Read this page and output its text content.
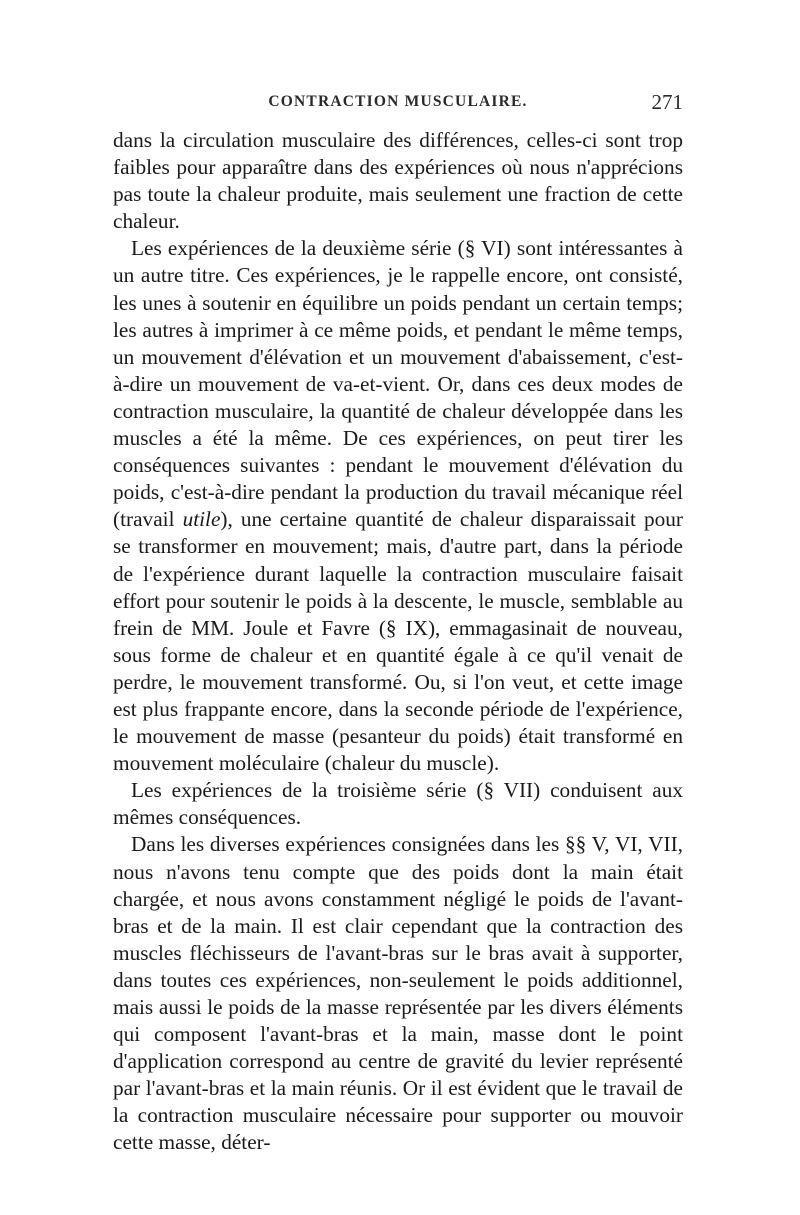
CONTRACTION MUSCULAIRE.	271

dans la circulation musculaire des différences, celles-ci sont trop faibles pour apparaître dans des expériences où nous n'apprécions pas toute la chaleur produite, mais seulement une fraction de cette chaleur.

Les expériences de la deuxième série (§ VI) sont intéressantes à un autre titre. Ces expériences, je le rappelle encore, ont consisté, les unes à soutenir en équilibre un poids pendant un certain temps; les autres à imprimer à ce même poids, et pendant le même temps, un mouvement d'élévation et un mouvement d'abaissement, c'est-à-dire un mouvement de va-et-vient. Or, dans ces deux modes de contraction musculaire, la quantité de chaleur développée dans les muscles a été la même. De ces expériences, on peut tirer les conséquences suivantes : pendant le mouvement d'élévation du poids, c'est-à-dire pendant la production du travail mécanique réel (travail utile), une certaine quantité de chaleur disparaissait pour se transformer en mouvement; mais, d'autre part, dans la période de l'expérience durant laquelle la contraction musculaire faisait effort pour soutenir le poids à la descente, le muscle, semblable au frein de MM. Joule et Favre (§ IX), emmagasinait de nouveau, sous forme de chaleur et en quantité égale à ce qu'il venait de perdre, le mouvement transformé. Ou, si l'on veut, et cette image est plus frappante encore, dans la seconde période de l'expérience, le mouvement de masse (pesanteur du poids) était transformé en mouvement moléculaire (chaleur du muscle).

Les expériences de la troisième série (§ VII) conduisent aux mêmes conséquences.

Dans les diverses expériences consignées dans les §§ V, VI, VII, nous n'avons tenu compte que des poids dont la main était chargée, et nous avons constamment négligé le poids de l'avant-bras et de la main. Il est clair cependant que la contraction des muscles fléchisseurs de l'avant-bras sur le bras avait à supporter, dans toutes ces expériences, non-seulement le poids additionnel, mais aussi le poids de la masse représentée par les divers éléments qui composent l'avant-bras et la main, masse dont le point d'application correspond au centre de gravité du levier représenté par l'avant-bras et la main réunis. Or il est évident que le travail de la contraction musculaire nécessaire pour supporter ou mouvoir cette masse, déter-
